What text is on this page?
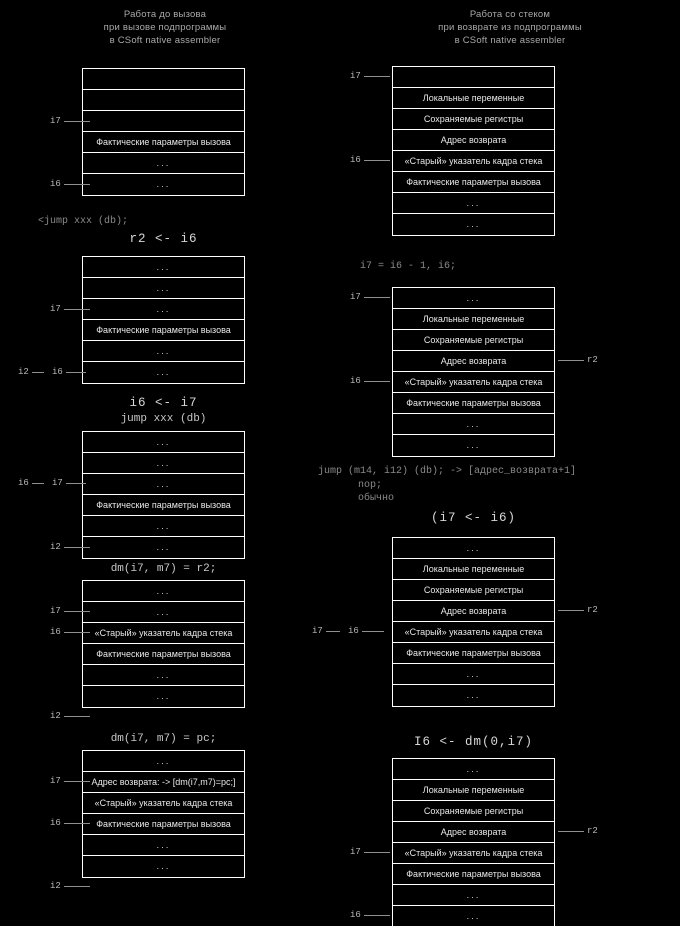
Работа до вызова
при вызове подпрограммы
в CSoft native assembler
Фактические параметры вызова
...
...
i7
i6
<jump xxx (db);
r2 <- i6
...
...
...
Фактические параметры вызова
...
...
i7
i2	i6
i6 <- i7
jump xxx (db)
...
...
...
Фактические параметры вызова
...
...
i6	i7
i2
dm(i7, m7) = r2;
...
...
«Старый» указатель кадра стека
Фактические параметры вызова
...
...
i7
i6
i2
dm(i7, m7) = pc;
...
Адрес возврата: -> [dm(i7,m7)=pc;]
«Старый» указатель кадра стека
Фактические параметры вызова
...
...
i7
i6
i2
Работа со стеком
при возврате из подпрограммы
в CSoft native assembler
Локальные переменные
Сохраняемые регистры
Адрес возврата
«Старый» указатель кадра стека
Фактические параметры вызова
...
...
i7
i6
i7 = i6 - 1, i6;
...
Локальные переменные
Сохраняемые регистры
Адрес возврата
«Старый» указатель кадра стека
Фактические параметры вызова
...
...
i7
i6
r2
jump (m14, i12) (db); -> [адрес_возврата+1]
nop;
обычно
(i7 <- i6)
...
Локальные переменные
Сохраняемые регистры
Адрес возврата
«Старый» указатель кадра стека
Фактические параметры вызова
...
...
i7	i6
r2
I6 <- dm(0,i7)
...
Локальные переменные
Сохраняемые регистры
Адрес возврата
«Старый» указатель кадра стека
Фактические параметры вызова
...
...
i7
i6
r2
